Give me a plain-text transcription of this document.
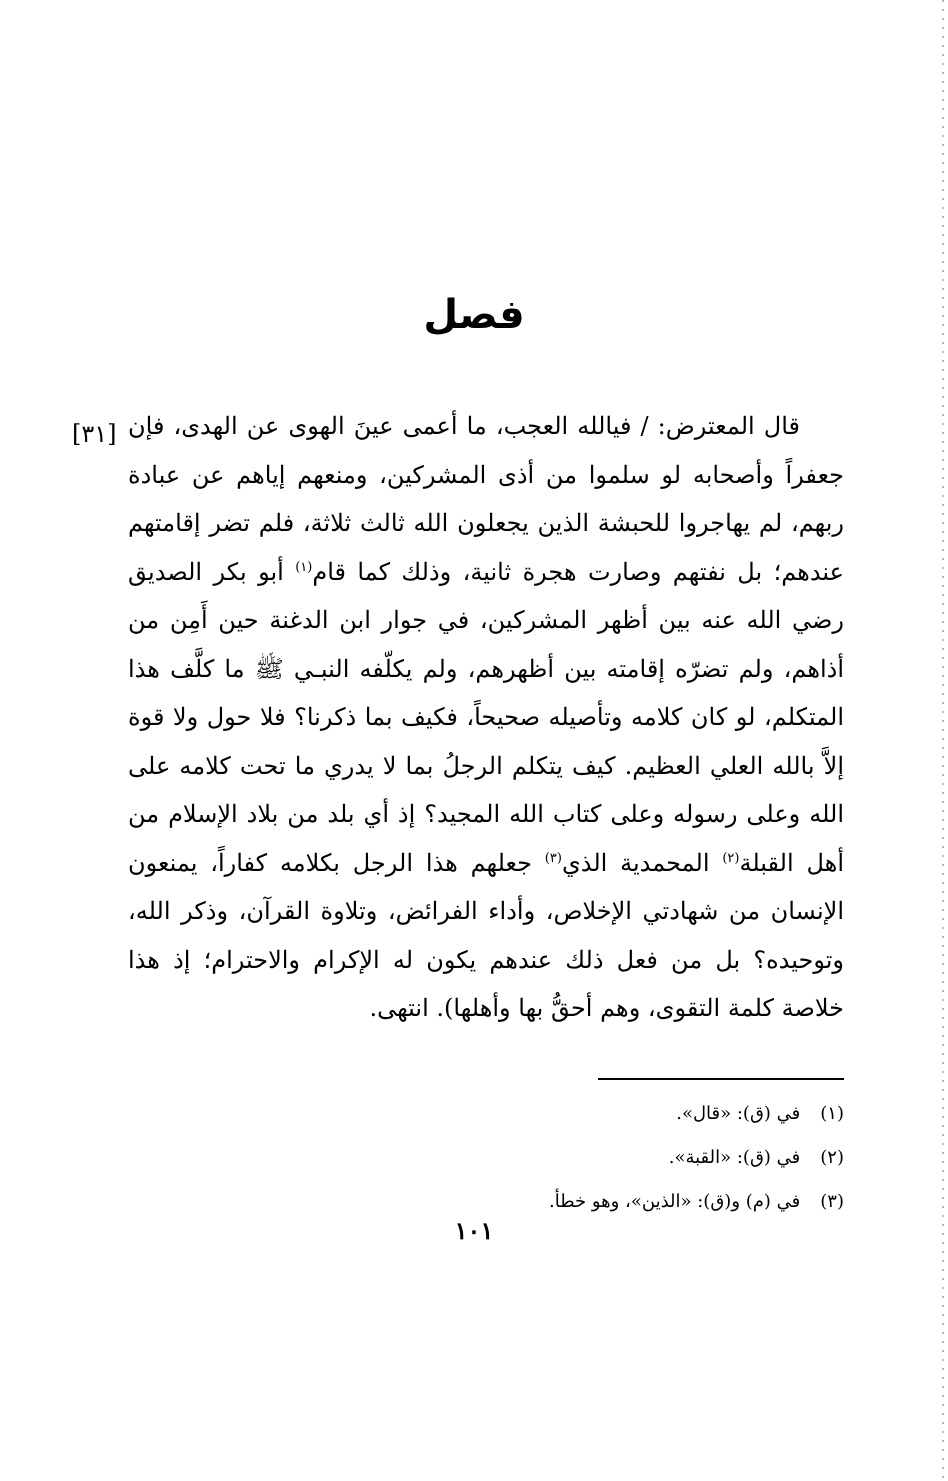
فصل
[٣١] قال المعترض: / فيالله العجب، ما أعمى عينَ الهوى عن الهدى، فإن جعفراً وأصحابه لو سلموا من أذى المشركين، ومنعهم إياهم عن عبادة ربهم، لم يهاجروا للحبشة الذين يجعلون الله ثالث ثلاثة، فلم تضر إقامتهم عندهم؛ بل نفتهم وصارت هجرة ثانية، وذلك كما قام$^{(١)}$ أبو بكر الصديق رضي الله عنه بين أظهر المشركين، في جوار ابن الدغنة حين أَمِن من أذاهم، ولم تضرّه إقامته بين أظهرهم، ولم يكلّفه النبـي ﷺ ما كلَّف هذا المتكلم، لو كان كلامه وتأصيله صحيحاً، فكيف بما ذكرنا؟ فلا حول ولا قوة إلاَّ بالله العلي العظيم. كيف يتكلم الرجلُ بما لا يدري ما تحت كلامه على الله وعلى رسوله وعلى كتاب الله المجيد؟ إذ أي بلد من بلاد الإسلام من أهل القبلة$^{(٢)}$ المحمدية الذي$^{(٣)}$ جعلهم هذا الرجل بكلامه كفاراً، يمنعون الإنسان من شهادتي الإخلاص، وأداء الفرائض، وتلاوة القرآن، وذكر الله، وتوحيده؟ بل من فعل ذلك عندهم يكون له الإكرام والاحترام؛ إذ هذا خلاصة كلمة التقوى، وهم أحقُّ بها وأهلها). انتهى.

(١) في (ق): «قال».
(٢) في (ق): «القبة».
(٣) في (م) و(ق): «الذين»، وهو خطأ.
١٠١
